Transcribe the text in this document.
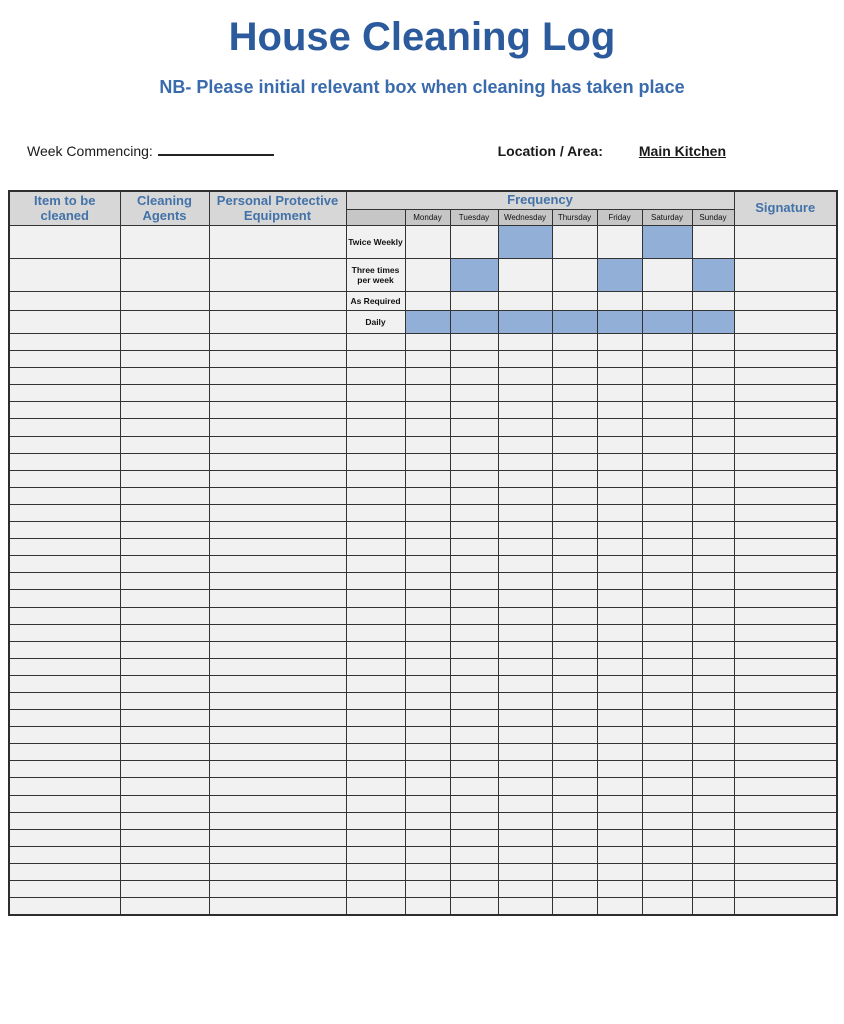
House Cleaning Log
NB- Please initial relevant box when cleaning has taken place
Week Commencing:	Location / Area:	Main Kitchen
Item to be cleaned	Cleaning Agents	Personal Protective Equipment	Frequency								Signature
				Monday	Tuesday	Wednesday	Thursday	Friday	Saturday	Sunday	
			Twice Weekly								
			Three times per week								
			As Required								
			Daily								
